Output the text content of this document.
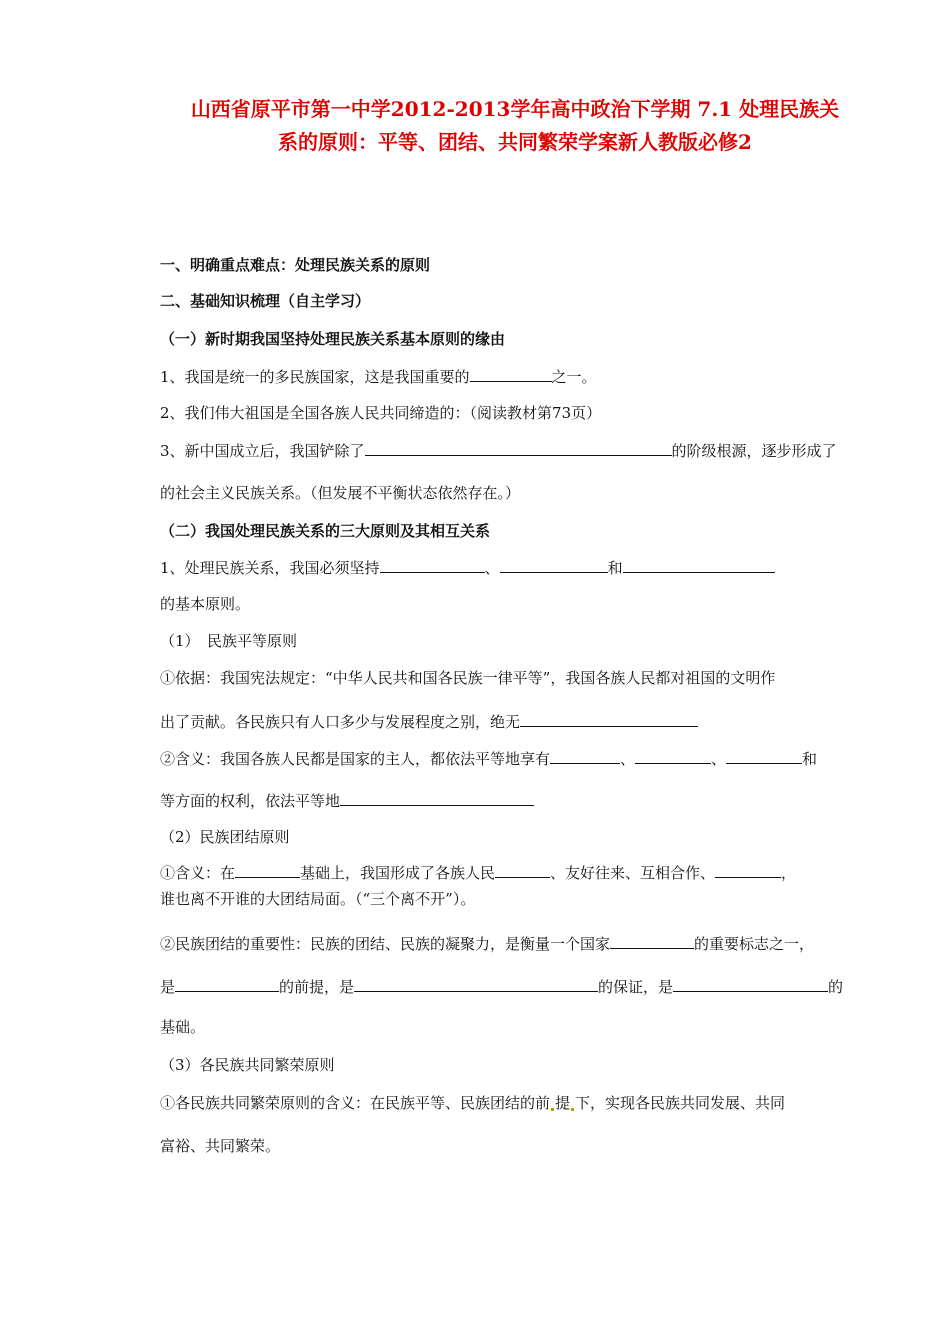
山西省原平市第一中学2012-2013学年高中政治下学期 7.1 处理民族关
系的原则：平等、团结、共同繁荣学案新人教版必修2
一、明确重点难点：处理民族关系的原则
二、基础知识梳理（自主学习）
（一）新时期我国坚持处理民族关系基本原则的缘由
1、我国是统一的多民族国家，这是我国重要的	之一。
2、我们伟大祖国是全国各族人民共同缔造的：（阅读教材第73页）
3、新中国成立后，我国铲除了	的阶级根源，逐步形成了
的社会主义民族关系。（但发展不平衡状态依然存在。）
（二）我国处理民族关系的三大原则及其相互关系
1、处理民族关系，我国必须坚持	、	和
的基本原则。
（1）　民族平等原则
①依据：我国宪法规定：“中华人民共和国各民族一律平等”，我国各族人民都对祖国的文明作
出了贡献。各民族只有人口多少与发展程度之别，绝无
②含义：我国各族人民都是国家的主人，都依法平等地享有	、	、	和
等方面的权利，依法平等地
（2）民族团结原则
①含义：在	基础上，我国形成了各族人民	、友好往来、互相合作、	，
谁也离不开谁的大团结局面。（“三个离不开”）。
②民族团结的重要性：民族的团结、民族的凝聚力，是衡量一个国家	的重要标志之一，
是	的前提，是	的保证，是	的
基础。
（3）各民族共同繁荣原则
①各民族共同繁荣原则的含义：在民族平等、民族团结的前 提 下，实现各民族共同发展、共同
富裕、共同繁荣。
